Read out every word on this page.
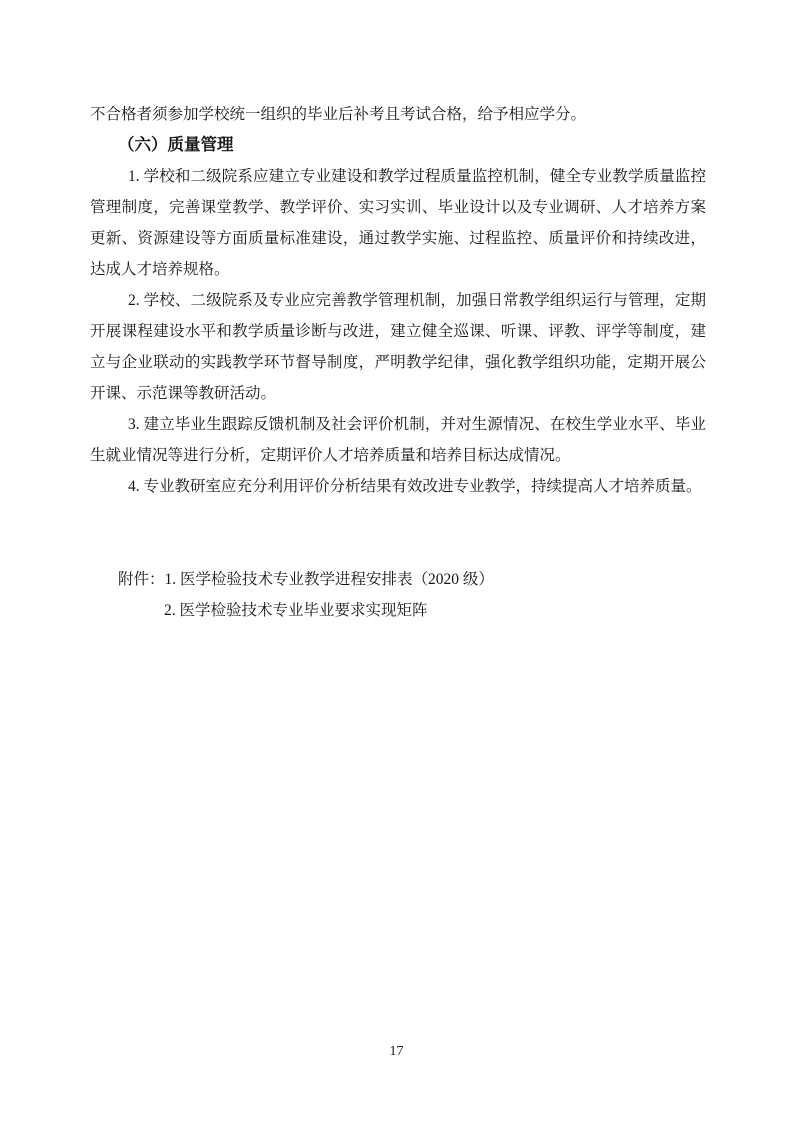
不合格者须参加学校统一组织的毕业后补考且考试合格，给予相应学分。

（六）质量管理

1. 学校和二级院系应建立专业建设和教学过程质量监控机制，健全专业教学质量监控管理制度，完善课堂教学、教学评价、实习实训、毕业设计以及专业调研、人才培养方案更新、资源建设等方面质量标准建设，通过教学实施、过程监控、质量评价和持续改进，达成人才培养规格。

2. 学校、二级院系及专业应完善教学管理机制，加强日常教学组织运行与管理，定期开展课程建设水平和教学质量诊断与改进，建立健全巡课、听课、评教、评学等制度，建立与企业联动的实践教学环节督导制度，严明教学纪律，强化教学组织功能，定期开展公开课、示范课等教研活动。

3. 建立毕业生跟踪反馈机制及社会评价机制，并对生源情况、在校生学业水平、毕业生就业情况等进行分析，定期评价人才培养质量和培养目标达成情况。

4. 专业教研室应充分利用评价分析结果有效改进专业教学，持续提高人才培养质量。

附件：1. 医学检验技术专业教学进程安排表（2020 级）
2. 医学检验技术专业毕业要求实现矩阵
17
